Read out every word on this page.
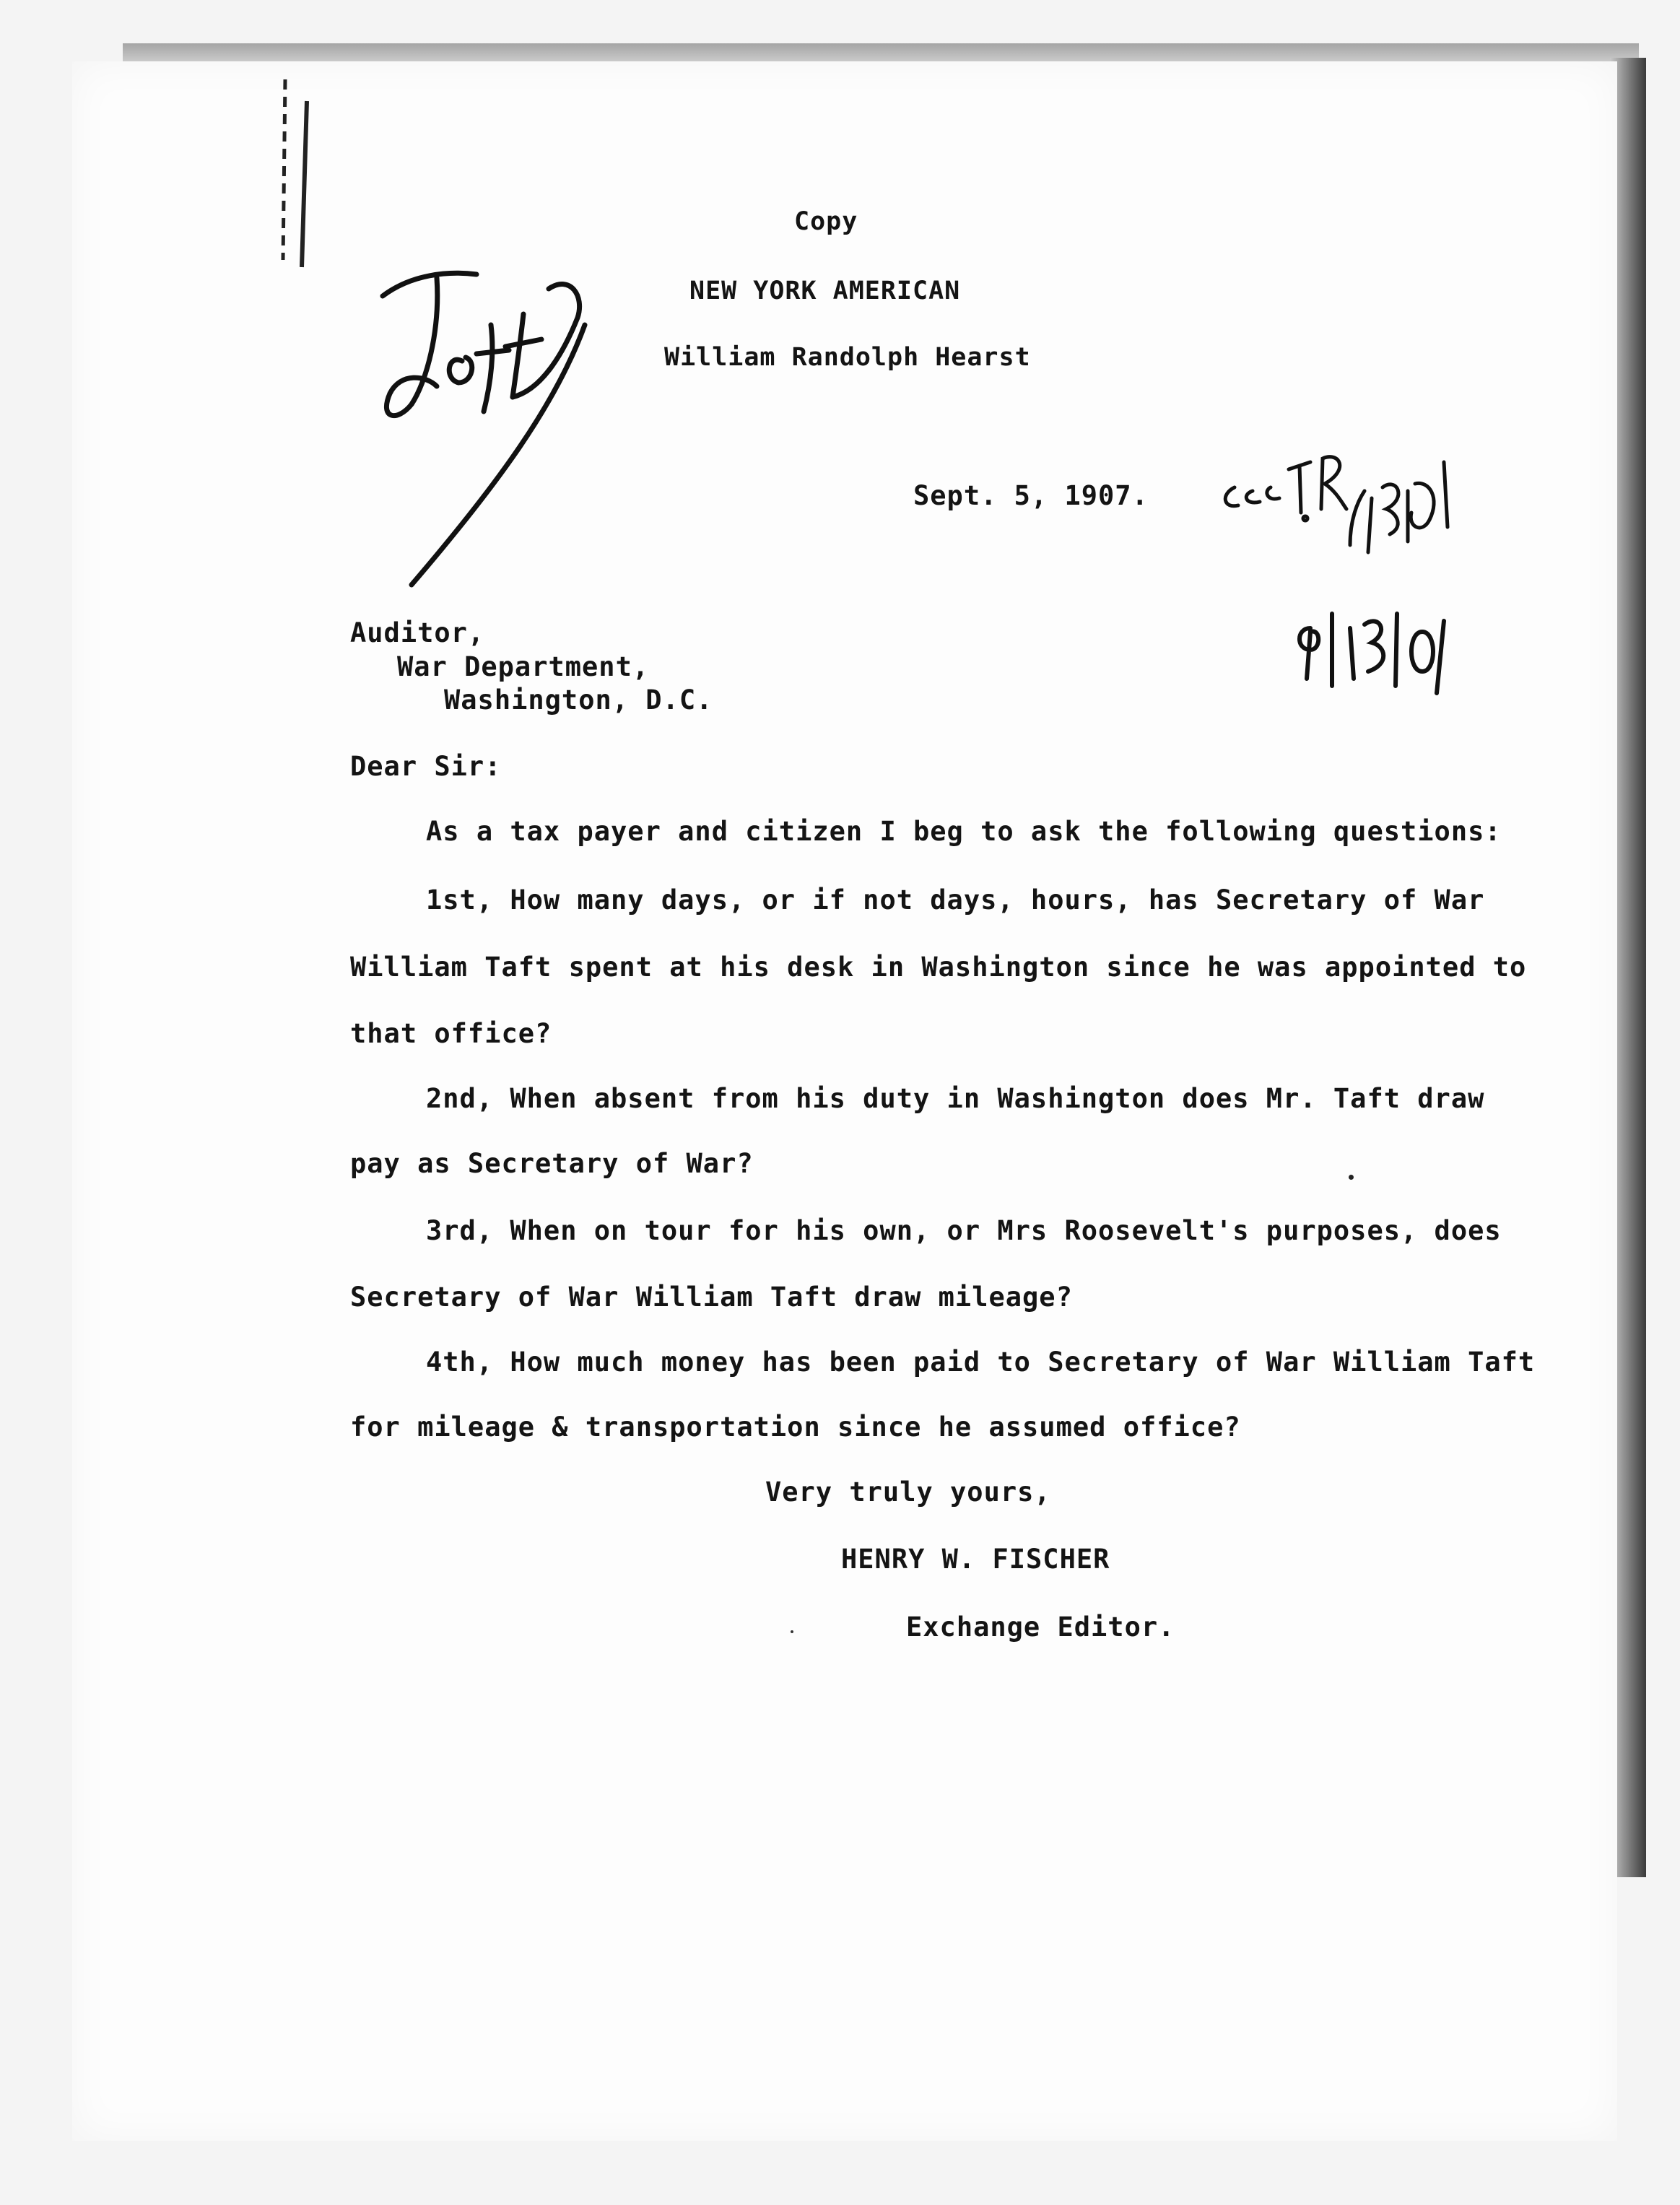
Copy
NEW YORK AMERICAN
William Randolph Hearst
Sept. 5, 1907.
Auditor,
War Department,
Washington, D.C.
Dear Sir:
As a tax payer and citizen I beg to ask the following questions:
1st, How many days, or if not days, hours, has Secretary of War
William Taft spent at his desk in Washington since he was appointed to
that office?
2nd, When absent from his duty in Washington does Mr. Taft draw
pay as Secretary of War?
3rd, When on tour for his own, or Mrs Roosevelt's purposes, does
Secretary of War William Taft draw mileage?
4th, How much money has been paid to Secretary of War William Taft
for mileage & transportation since he assumed office?
Very truly yours,
HENRY W. FISCHER
Exchange Editor.
